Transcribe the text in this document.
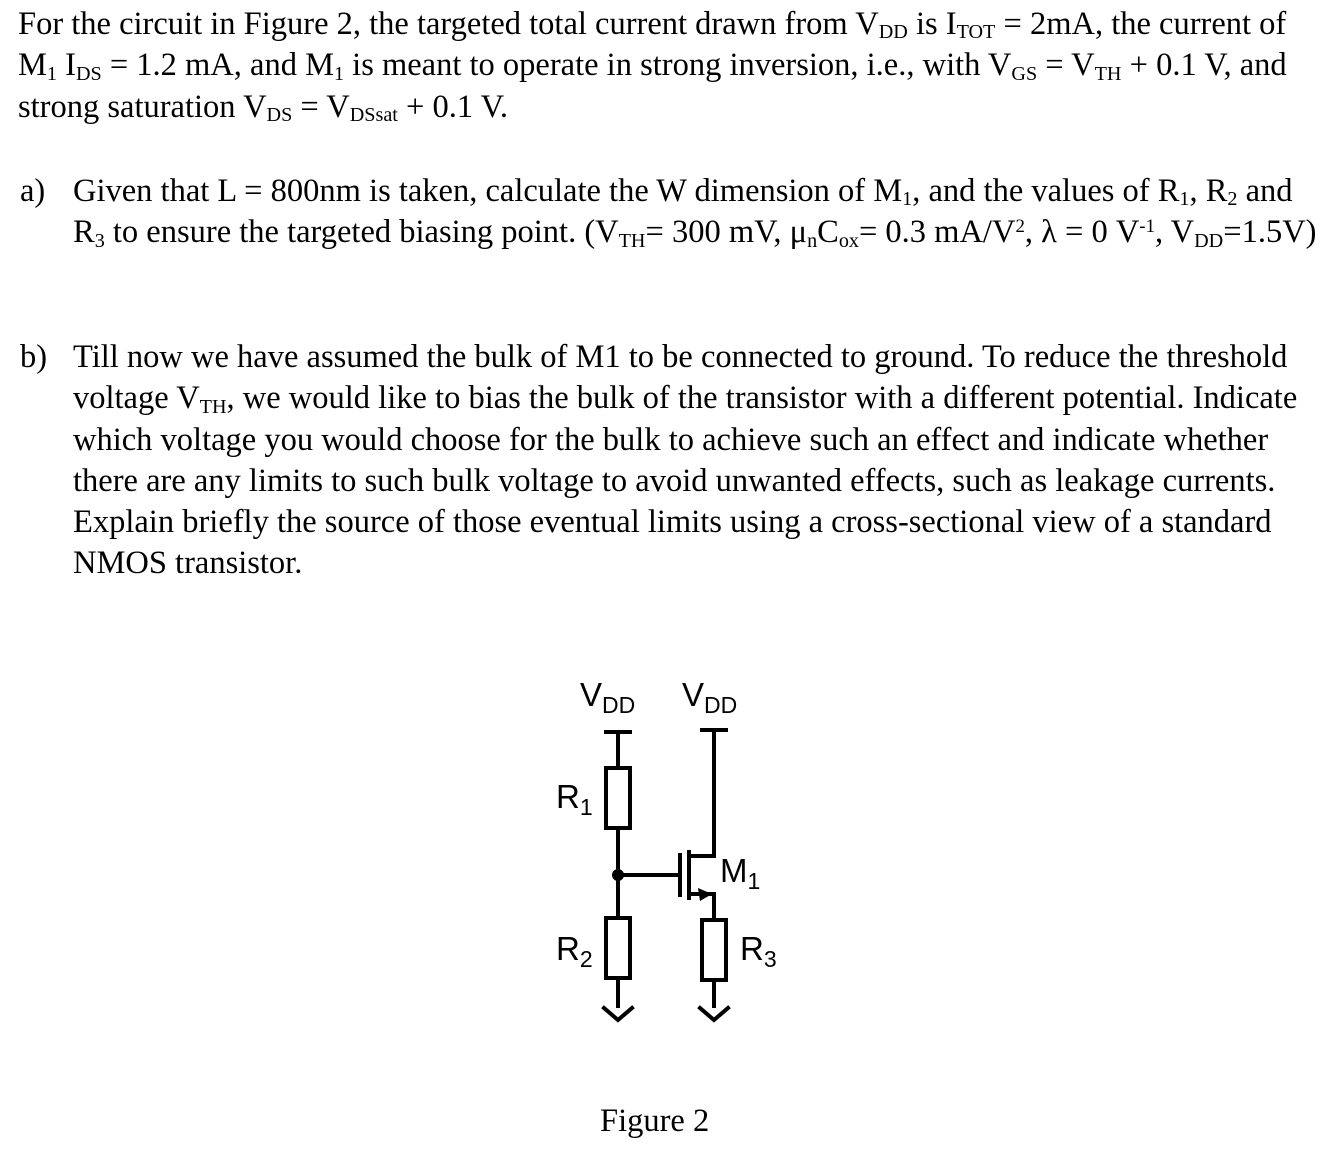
For the circuit in Figure 2, the targeted total current drawn from VDD is ITOT = 2mA, the current of M1 IDS = 1.2 mA, and M1 is meant to operate in strong inversion, i.e., with VGS = VTH + 0.1 V, and strong saturation VDS = VDSsat + 0.1 V.

a) Given that L = 800nm is taken, calculate the W dimension of M1, and the values of R1, R2 and R3 to ensure the targeted biasing point. (VTH= 300 mV, μnCox= 0.3 $mA/V^2$, λ = 0 $V^{-1}$, VDD=1.5V)
b) Till now we have assumed the bulk of M1 to be connected to ground. To reduce the threshold voltage VTH, we would like to bias the bulk of the transistor with a different potential. Indicate which voltage you would choose for the bulk to achieve such an effect and indicate whether there are any limits to such bulk voltage to avoid unwanted effects, such as leakage currents. Explain briefly the source of those eventual limits using a cross-sectional view of a standard NMOS transistor.
$V_{DD}$ $V_{DD}$
$R_1$
$R_2$	$R_3$
$M_1$
Figure 2
